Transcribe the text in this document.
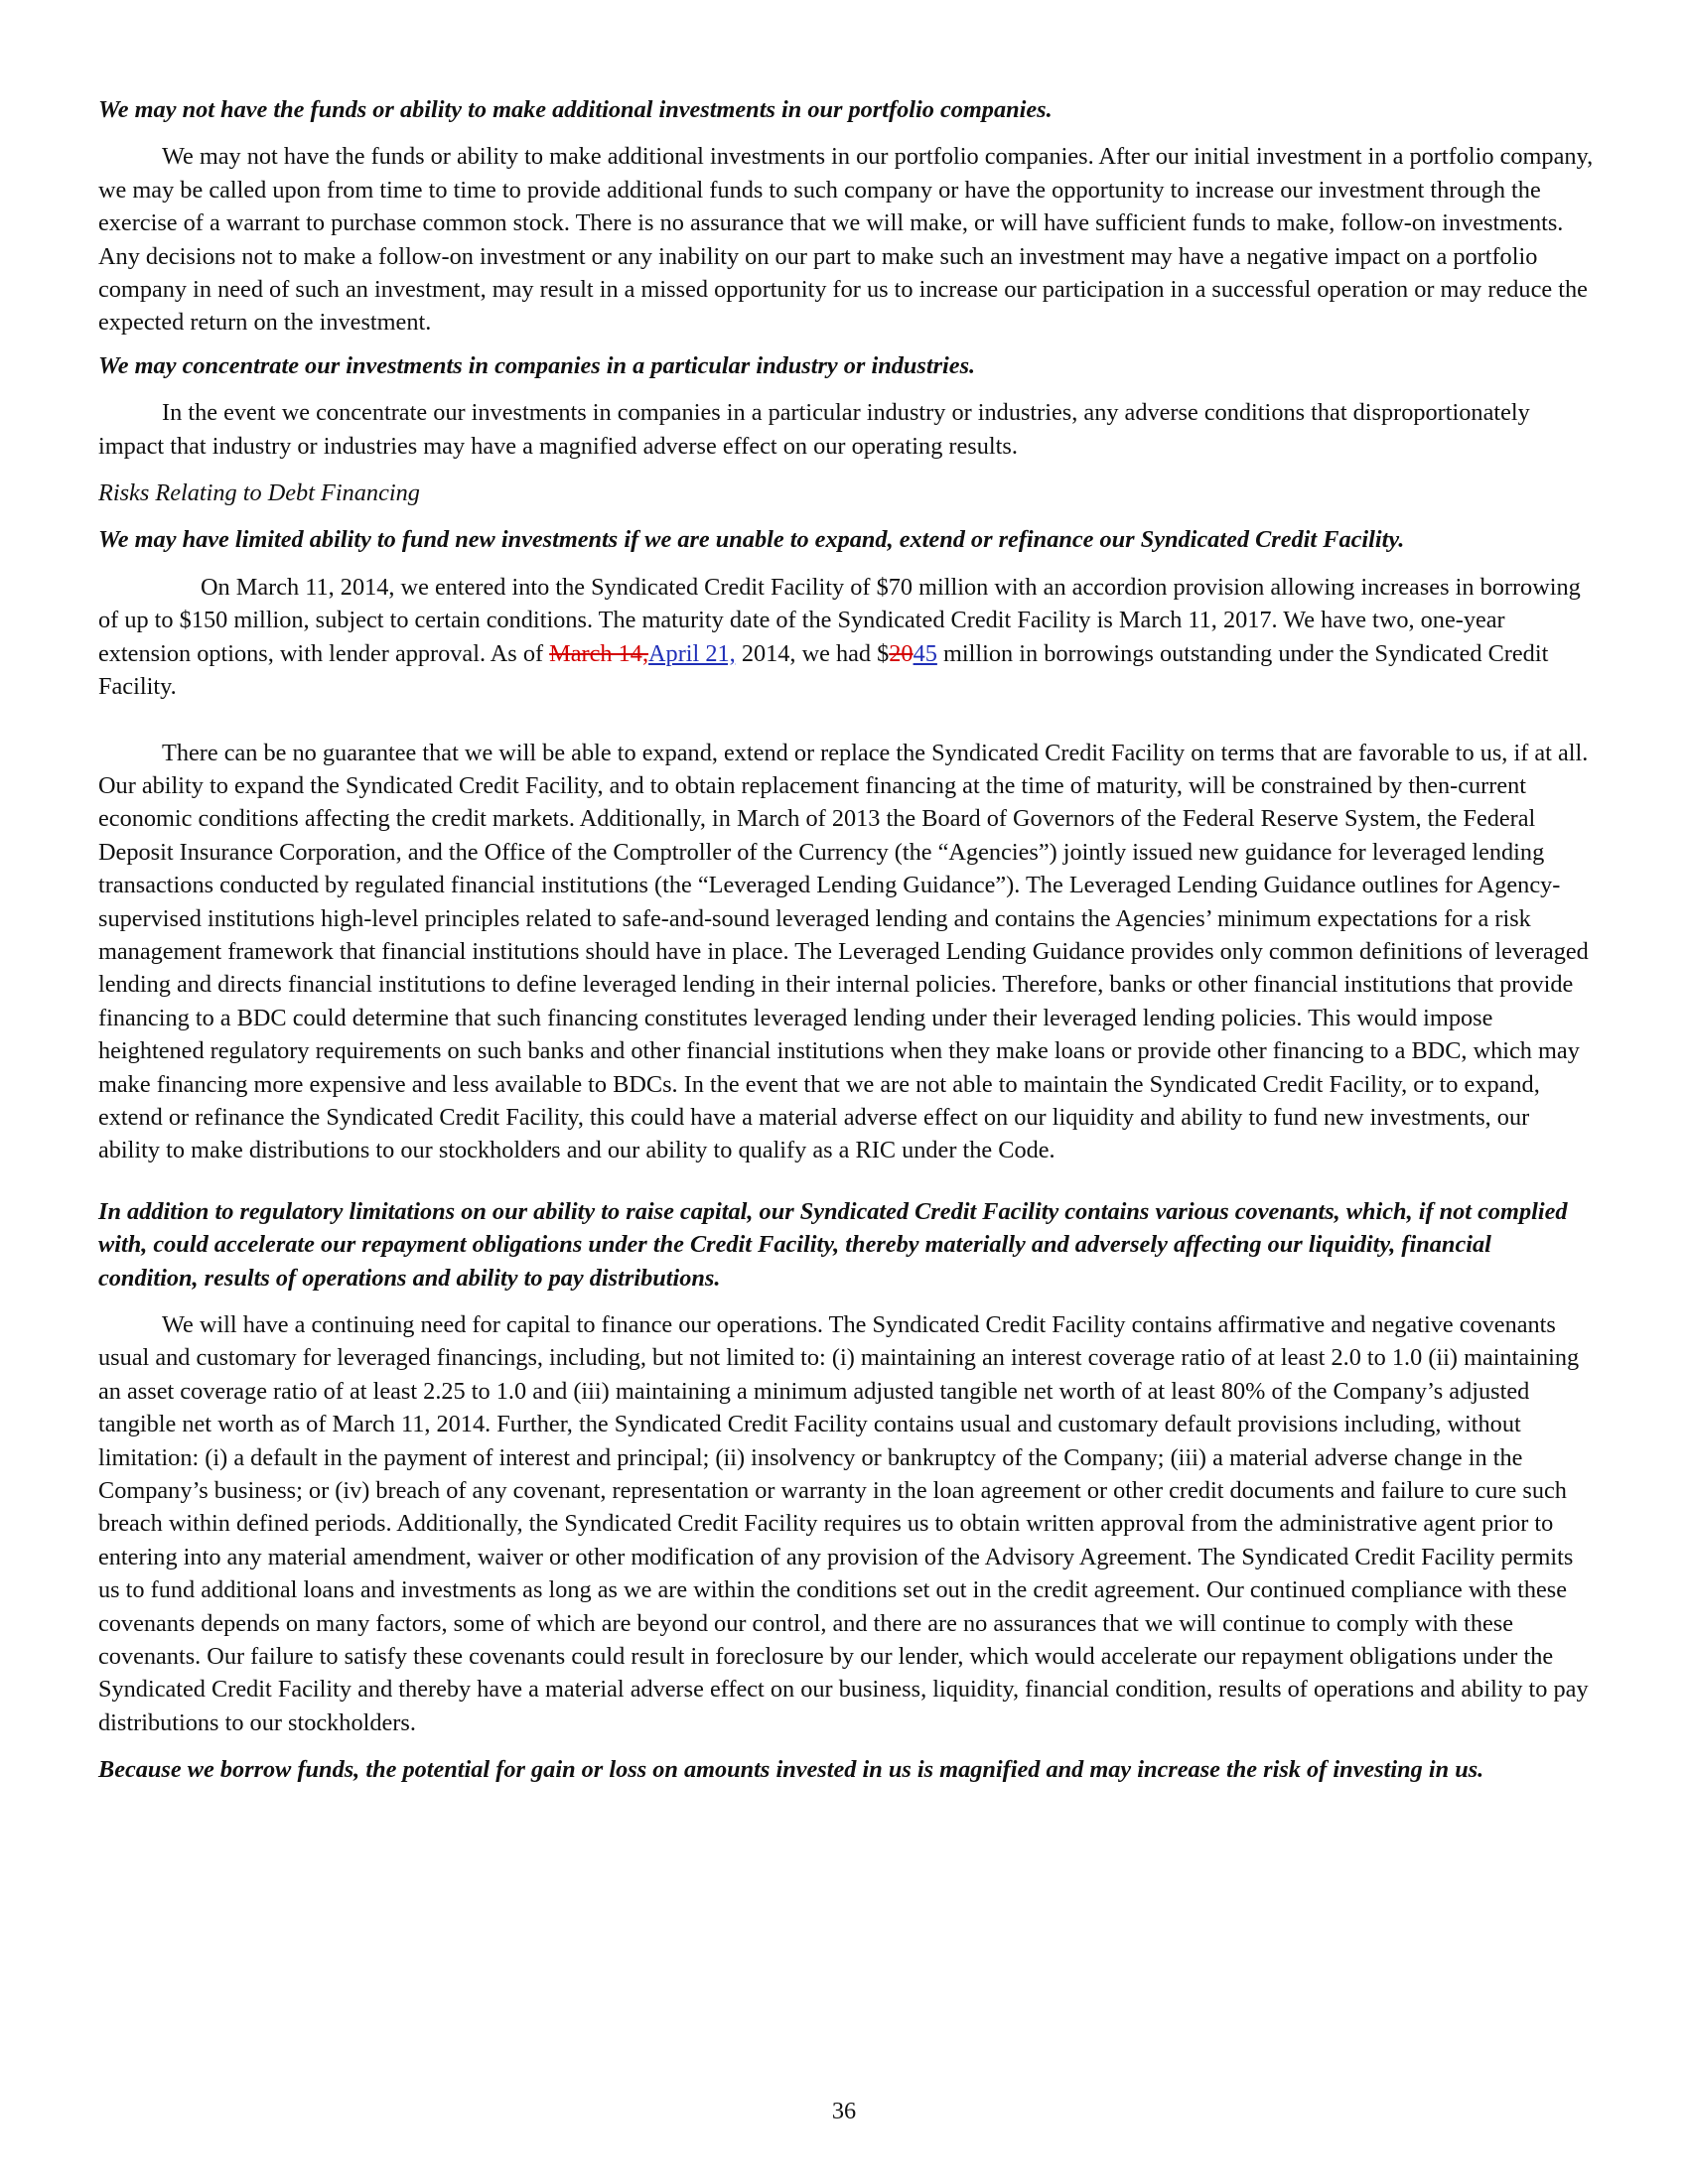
We may not have the funds or ability to make additional investments in our portfolio companies.

We may not have the funds or ability to make additional investments in our portfolio companies. After our initial investment in a portfolio company, we may be called upon from time to time to provide additional funds to such company or have the opportunity to increase our investment through the exercise of a warrant to purchase common stock. There is no assurance that we will make, or will have sufficient funds to make, follow-on investments. Any decisions not to make a follow-on investment or any inability on our part to make such an investment may have a negative impact on a portfolio company in need of such an investment, may result in a missed opportunity for us to increase our participation in a successful operation or may reduce the expected return on the investment.

We may concentrate our investments in companies in a particular industry or industries.

In the event we concentrate our investments in companies in a particular industry or industries, any adverse conditions that disproportionately impact that industry or industries may have a magnified adverse effect on our operating results.

Risks Relating to Debt Financing

We may have limited ability to fund new investments if we are unable to expand, extend or refinance our Syndicated Credit Facility.

On March 11, 2014, we entered into the Syndicated Credit Facility of $70 million with an accordion provision allowing increases in borrowing of up to $150 million, subject to certain conditions. The maturity date of the Syndicated Credit Facility is March 11, 2017. We have two, one-year extension options, with lender approval. As of March 14,April 21, 2014, we had $2045 million in borrowings outstanding under the Syndicated Credit Facility.

There can be no guarantee that we will be able to expand, extend or replace the Syndicated Credit Facility on terms that are favorable to us, if at all. Our ability to expand the Syndicated Credit Facility, and to obtain replacement financing at the time of maturity, will be constrained by then-current economic conditions affecting the credit markets. Additionally, in March of 2013 the Board of Governors of the Federal Reserve System, the Federal Deposit Insurance Corporation, and the Office of the Comptroller of the Currency (the “Agencies”) jointly issued new guidance for leveraged lending transactions conducted by regulated financial institutions (the “Leveraged Lending Guidance”). The Leveraged Lending Guidance outlines for Agency-supervised institutions high-level principles related to safe-and-sound leveraged lending and contains the Agencies’ minimum expectations for a risk management framework that financial institutions should have in place. The Leveraged Lending Guidance provides only common definitions of leveraged lending and directs financial institutions to define leveraged lending in their internal policies. Therefore, banks or other financial institutions that provide financing to a BDC could determine that such financing constitutes leveraged lending under their leveraged lending policies. This would impose heightened regulatory requirements on such banks and other financial institutions when they make loans or provide other financing to a BDC, which may make financing more expensive and less available to BDCs. In the event that we are not able to maintain the Syndicated Credit Facility, or to expand, extend or refinance the Syndicated Credit Facility, this could have a material adverse effect on our liquidity and ability to fund new investments, our ability to make distributions to our stockholders and our ability to qualify as a RIC under the Code.

In addition to regulatory limitations on our ability to raise capital, our Syndicated Credit Facility contains various covenants, which, if not complied with, could accelerate our repayment obligations under the Credit Facility, thereby materially and adversely affecting our liquidity, financial condition, results of operations and ability to pay distributions.

We will have a continuing need for capital to finance our operations. The Syndicated Credit Facility contains affirmative and negative covenants usual and customary for leveraged financings, including, but not limited to: (i) maintaining an interest coverage ratio of at least 2.0 to 1.0 (ii) maintaining an asset coverage ratio of at least 2.25 to 1.0 and (iii) maintaining a minimum adjusted tangible net worth of at least 80% of the Company’s adjusted tangible net worth as of March 11, 2014. Further, the Syndicated Credit Facility contains usual and customary default provisions including, without limitation: (i) a default in the payment of interest and principal; (ii) insolvency or bankruptcy of the Company; (iii) a material adverse change in the Company’s business; or (iv) breach of any covenant, representation or warranty in the loan agreement or other credit documents and failure to cure such breach within defined periods. Additionally, the Syndicated Credit Facility requires us to obtain written approval from the administrative agent prior to entering into any material amendment, waiver or other modification of any provision of the Advisory Agreement. The Syndicated Credit Facility permits us to fund additional loans and investments as long as we are within the conditions set out in the credit agreement. Our continued compliance with these covenants depends on many factors, some of which are beyond our control, and there are no assurances that we will continue to comply with these covenants. Our failure to satisfy these covenants could result in foreclosure by our lender, which would accelerate our repayment obligations under the Syndicated Credit Facility and thereby have a material adverse effect on our business, liquidity, financial condition, results of operations and ability to pay distributions to our stockholders.

Because we borrow funds, the potential for gain or loss on amounts invested in us is magnified and may increase the risk of investing in us.

36
